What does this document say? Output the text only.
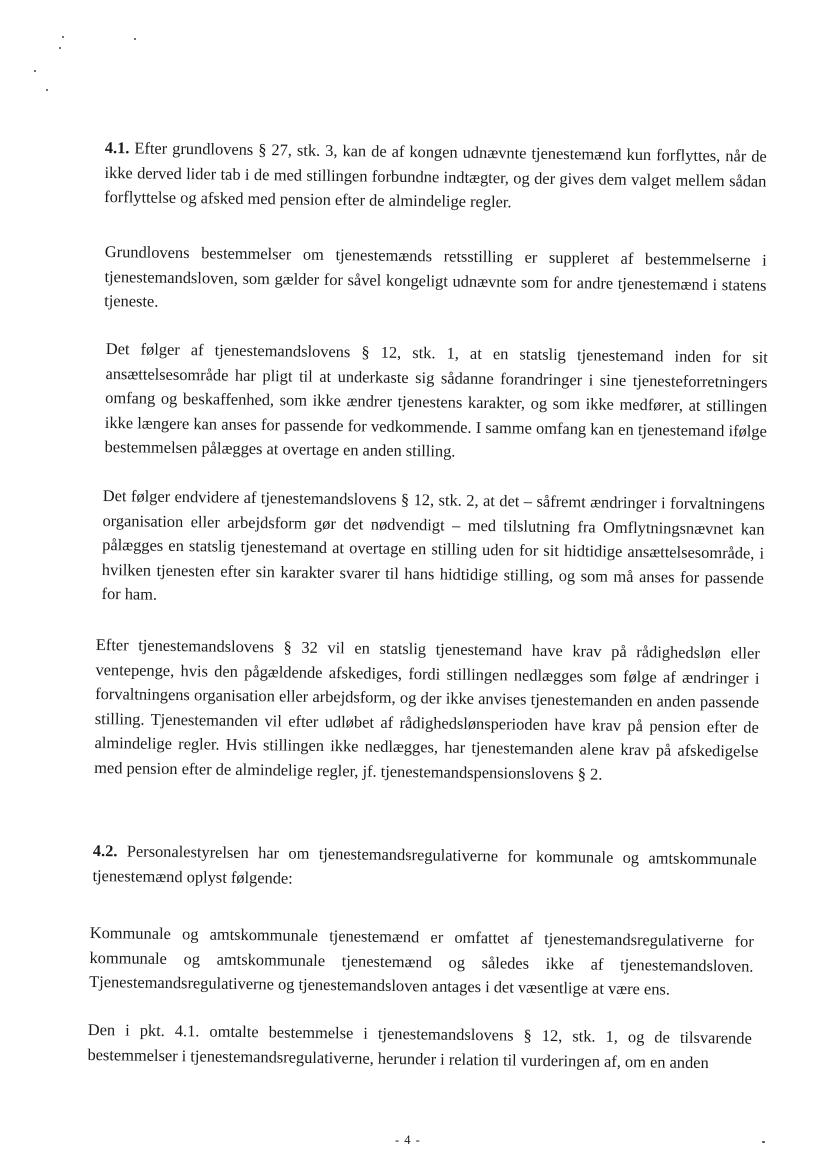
4.1. Efter grundlovens § 27, stk. 3, kan de af kongen udnævnte tjenestemænd kun forflyttes, når de ikke derved lider tab i de med stillingen forbundne indtægter, og der gives dem valget mellem sådan forflyttelse og afsked med pension efter de almindelige regler.

Grundlovens bestemmelser om tjenestemænds retsstilling er suppleret af bestemmelserne i tjenestemandsloven, som gælder for såvel kongeligt udnævnte som for andre tjenestemænd i statens tjeneste.

Det følger af tjenestemandslovens § 12, stk. 1, at en statslig tjenestemand inden for sit ansættelsesområde har pligt til at underkaste sig sådanne forandringer i sine tjenesteforretningers omfang og beskaffenhed, som ikke ændrer tjenestens karakter, og som ikke medfører, at stillingen ikke længere kan anses for passende for vedkommende. I samme omfang kan en tjenestemand ifølge bestemmelsen pålægges at overtage en anden stilling.

Det følger endvidere af tjenestemandslovens § 12, stk. 2, at det – såfremt ændringer i forvaltningens organisation eller arbejdsform gør det nødvendigt – med tilslutning fra Omflytningsnævnet kan pålægges en statslig tjenestemand at overtage en stilling uden for sit hidtidige ansættelsesområde, i hvilken tjenesten efter sin karakter svarer til hans hidtidige stilling, og som må anses for passende for ham.

Efter tjenestemandslovens § 32 vil en statslig tjenestemand have krav på rådighedsløn eller ventepenge, hvis den pågældende afskediges, fordi stillingen nedlægges som følge af ændringer i forvaltningens organisation eller arbejdsform, og der ikke anvises tjenestemanden en anden passende stilling. Tjenestemanden vil efter udløbet af rådighedslønsperioden have krav på pension efter de almindelige regler. Hvis stillingen ikke nedlægges, har tjenestemanden alene krav på afskedigelse med pension efter de almindelige regler, jf. tjenestemandspensionslovens § 2.

4.2. Personalestyrelsen har om tjenestemandsregulativerne for kommunale og amtskommunale tjenestemænd oplyst følgende:

Kommunale og amtskommunale tjenestemænd er omfattet af tjenestemandsregulativerne for kommunale og amtskommunale tjenestemænd og således ikke af tjenestemandsloven. Tjenestemandsregulativerne og tjenestemandsloven antages i det væsentlige at være ens.

Den i pkt. 4.1. omtalte bestemmelse i tjenestemandslovens § 12, stk. 1, og de tilsvarende bestemmelser i tjenestemandsregulativerne, herunder i relation til vurderingen af, om en anden

- 4 -
